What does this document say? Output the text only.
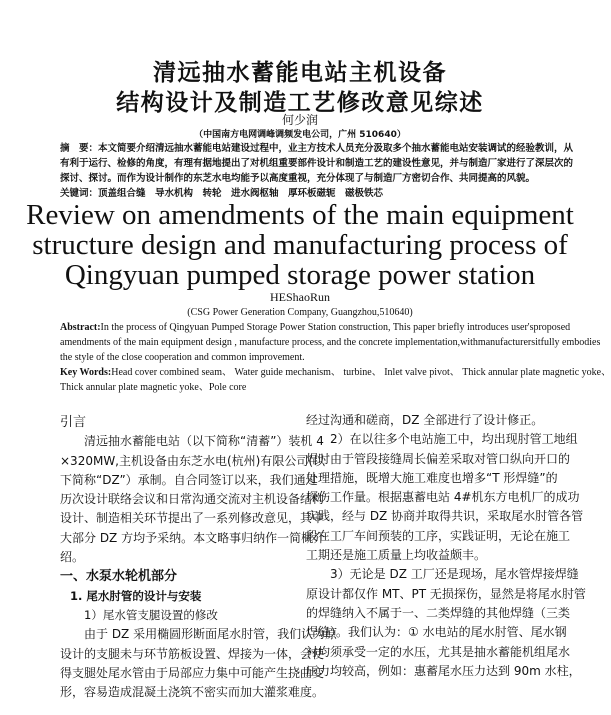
清远抽水蓄能电站主机设备
结构设计及制造工艺修改意见综述
何少润
（中国南方电网调峰调频发电公司，广州 510640）
摘　要：本文简要介绍清远抽水蓄能电站建设过程中，业主方技术人员充分汲取多个抽水蓄能电站安装调试的经验教训，从
有利于运行、检修的角度，有理有据地提出了对机组重要部件设计和制造工艺的建设性意见，并与制造厂家进行了深层次的
探讨、探讨。而作为设计制作的东芝水电均能予以高度重视，充分体现了与制造厂方密切合作、共同提高的风貌。
关键词：顶盖组合缝　导水机构　转轮　进水阀枢轴　厚环板磁轭　磁极铁芯
Review on amendments of the main equipment
structure design and manufacturing process of
Qingyuan pumped storage power station
HEShaoRun
(CSG Power Generation Company, Guangzhou,510640)
Abstract:In the process of Qingyuan Pumped Storage Power Station construction, This paper briefly introduces user'sproposed
amendments of the main equipment design , manufacture process, and the concrete implementation,withmanufacturersitfully embodies
the style of the close cooperation and common improvement.
Key Words:Head cover combined seam、 Water guide mechanism、 turbine、 Inlet valve pivot、 Thick annular plate magnetic yoke、
Thick annular plate magnetic yoke、Pole core
引言
　　清远抽水蓄能电站（以下简称“清蓄”）装机 4
×320MW,主机设备由东芝水电(杭州)有限公司(以
下简称“DZ”）承制。自合同签订以来，我们通过
历次设计联络会议和日常沟通交流对主机设备结构
设计、制造相关环节提出了一系列修改意见，其中
大部分 DZ 方均予采纳。本文略事归纳作一简概介
绍。
一、水泵水轮机部分
1. 尾水肘管的设计与安装
1）尾水管支腿设置的修改
　　由于 DZ 采用椭圆形断面尾水肘管，我们认为原
设计的支腿未与环节筋板设置、焊接为一体，会使
得支腿处尾水管由于局部应力集中可能产生挠曲变
形，容易造成混凝土浇筑不密实而加大灌浆难度。
经过沟通和磋商，DZ 全部进行了设计修正。
　　2）在以往多个电站施工中，均出现肘管工地组
焊时由于管段接缝周长偏差采取对管口纵向开口的
处理措施，既增大施工难度也增多“T 形焊缝”的
探伤工作量。根据惠蓄电站 4#机东方电机厂的成功
实践，经与 DZ 协商并取得共识，采取尾水肘管各管
段在工厂车间预装的工序，实践证明，无论在施工
工期还是施工质量上均收益颇丰。
　　3）无论是 DZ 工厂还是现场，尾水管焊接焊缝
原设计都仅作 MT、PT 无损探伤，显然是将尾水肘管
的焊缝纳入不属于一、二类焊缝的其他焊缝（三类
焊缝）。我们认为：① 水电站的尾水肘管、尾水钢
衬均须承受一定的水压，尤其是抽水蓄能机组尾水
压力均较高，例如：惠蓄尾水压力达到 90m 水柱，
